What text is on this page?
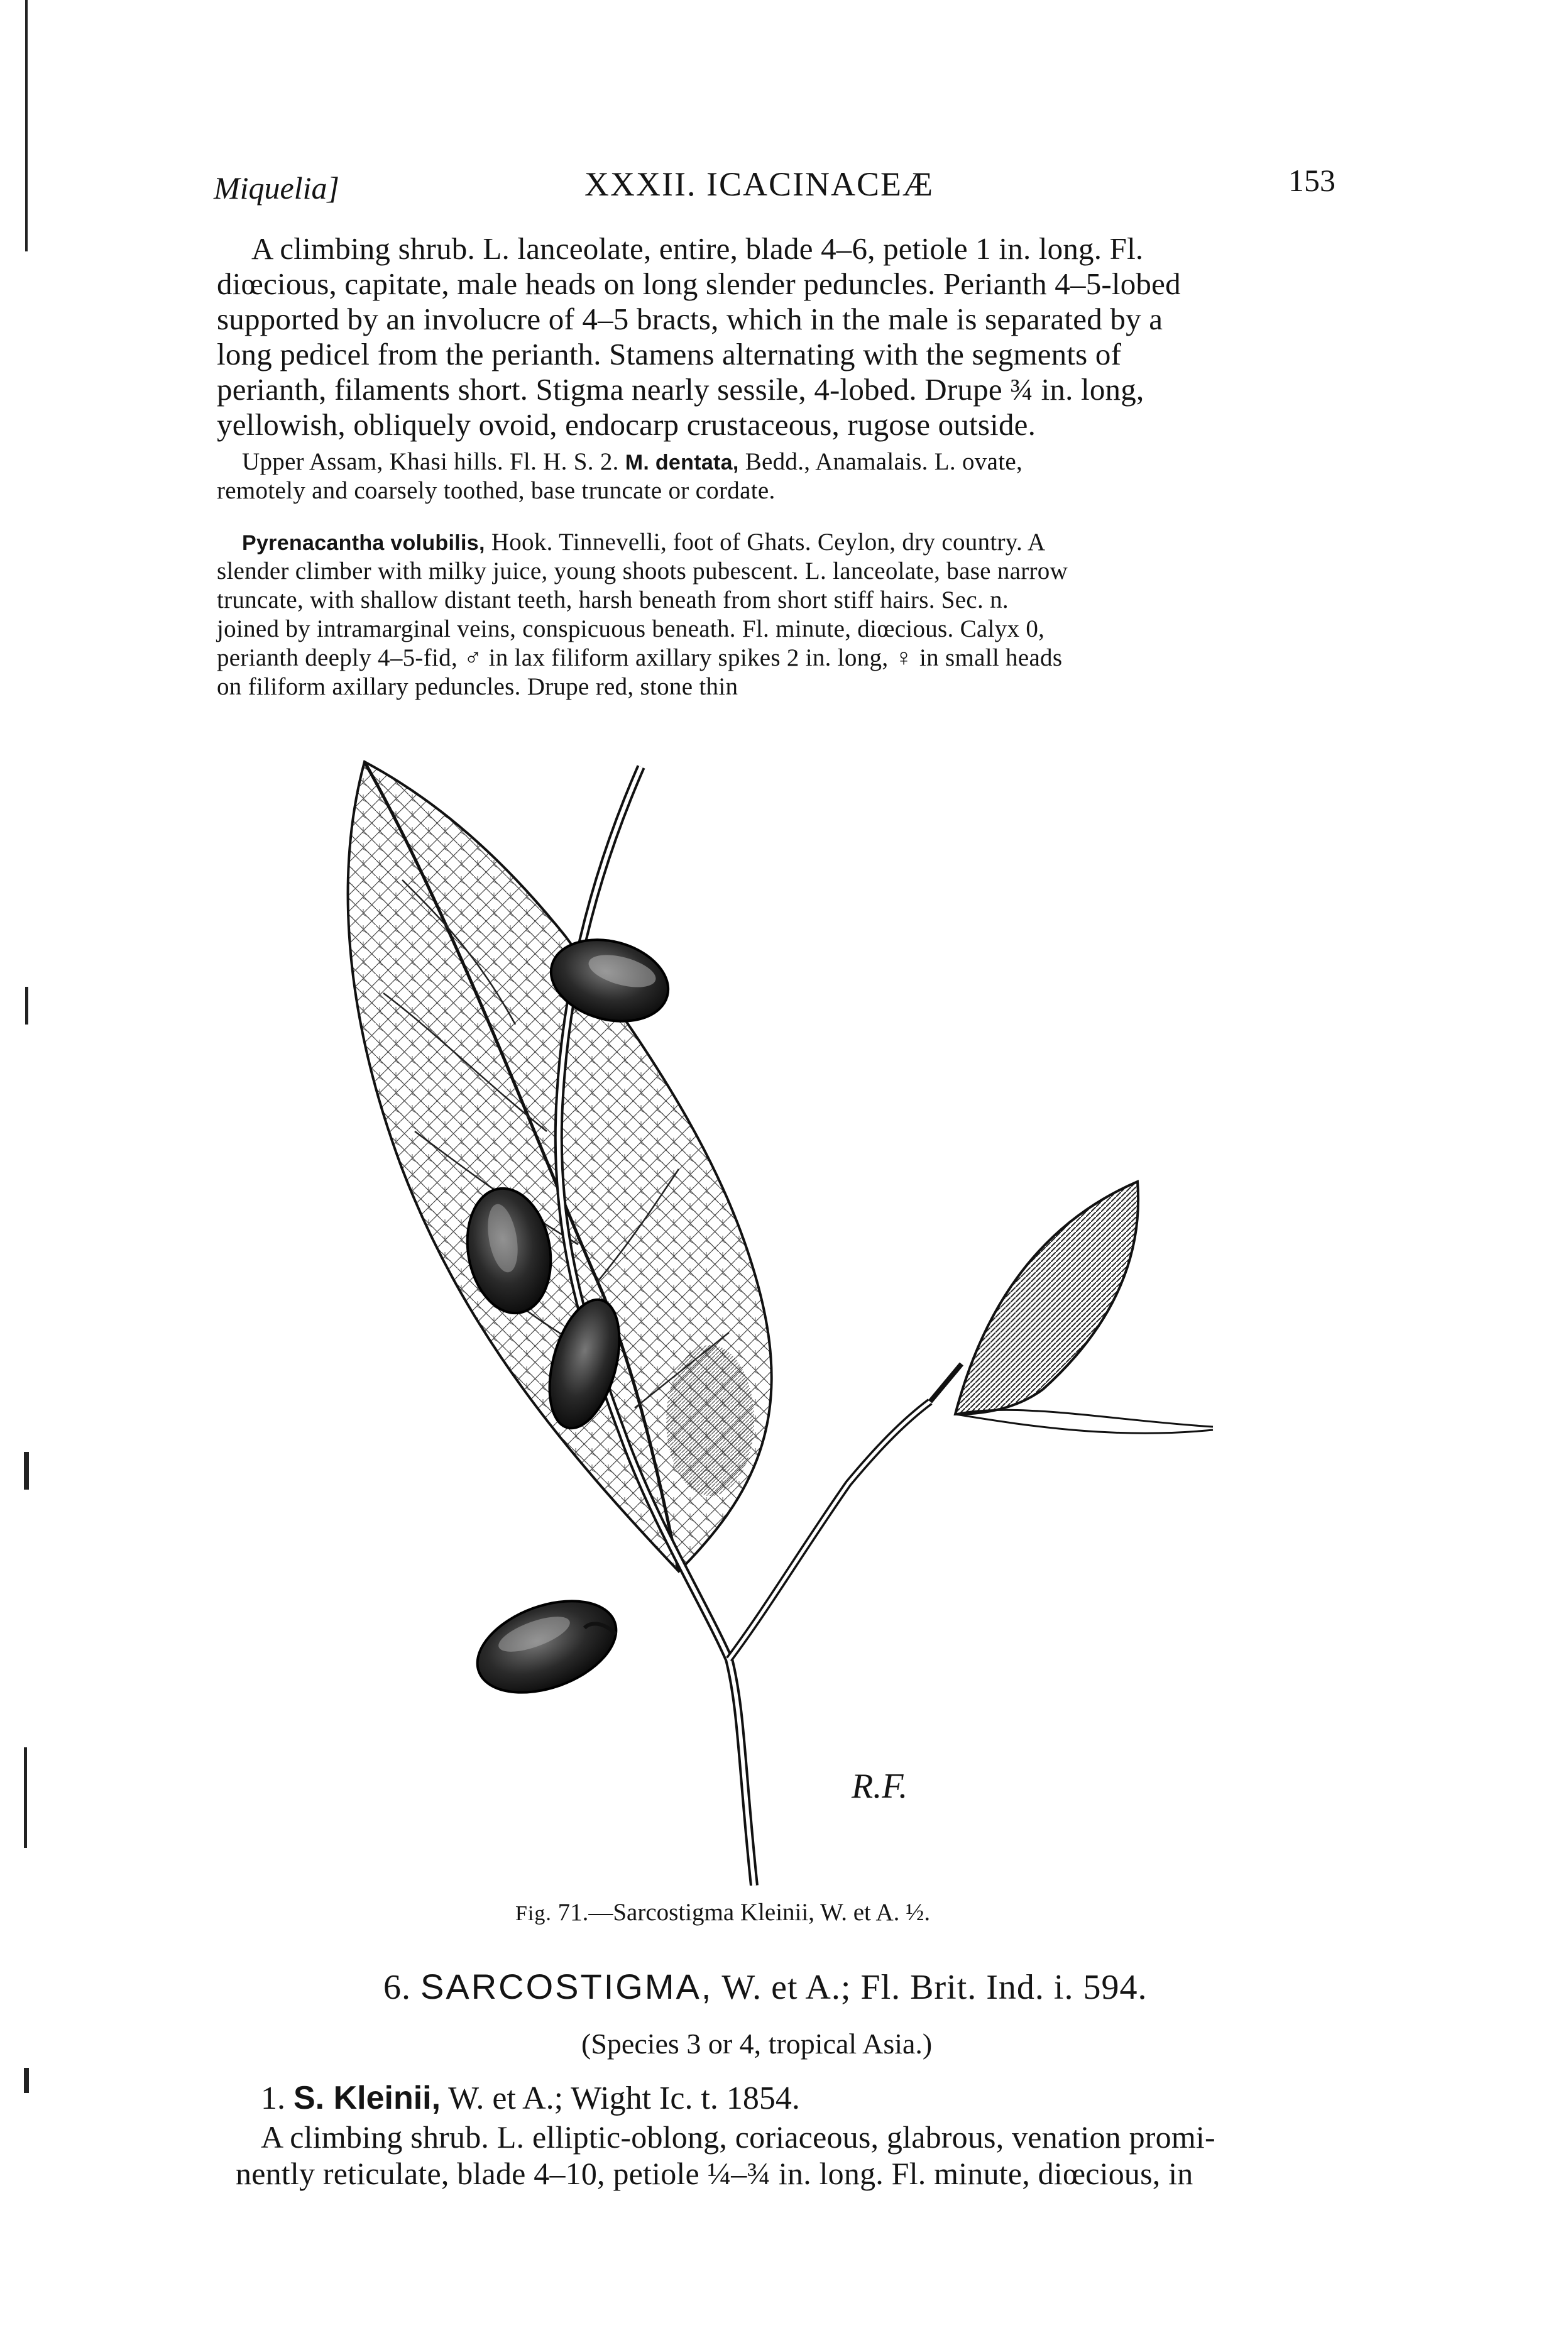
Miquelia]	XXXII. ICACINACEÆ	153
A climbing shrub. L. lanceolate, entire, blade 4–6, petiole 1 in. long. Fl.
diœcious, capitate, male heads on long slender peduncles. Perianth 4–5-lobed
supported by an involucre of 4–5 bracts, which in the male is separated by a
long pedicel from the perianth. Stamens alternating with the segments of
perianth, filaments short. Stigma nearly sessile, 4-lobed. Drupe ¾ in. long,
yellowish, obliquely ovoid, endocarp crustaceous, rugose outside.
Upper Assam, Khasi hills. Fl. H. S. 2. M. dentata, Bedd., Anamalais. L. ovate,
remotely and coarsely toothed, base truncate or cordate.
Pyrenacantha volubilis, Hook. Tinnevelli, foot of Ghats. Ceylon, dry country. A
slender climber with milky juice, young shoots pubescent. L. lanceolate, base narrow
truncate, with shallow distant teeth, harsh beneath from short stiff hairs. Sec. n.
joined by intramarginal veins, conspicuous beneath. Fl. minute, diœcious. Calyx 0,
perianth deeply 4–5-fid, ♂ in lax filiform axillary spikes 2 in. long, ♀ in small heads
on filiform axillary peduncles. Drupe red, stone thin
R.F.
Fig. 71.—Sarcostigma Kleinii, W. et A. ½.
6. SARCOSTIGMA, W. et A.; Fl. Brit. Ind. i. 594.
(Species 3 or 4, tropical Asia.)
1. S. Kleinii, W. et A.; Wight Ic. t. 1854.
A climbing shrub. L. elliptic-oblong, coriaceous, glabrous, venation promi-
nently reticulate, blade 4–10, petiole ¼–¾ in. long. Fl. minute, diœcious, in
